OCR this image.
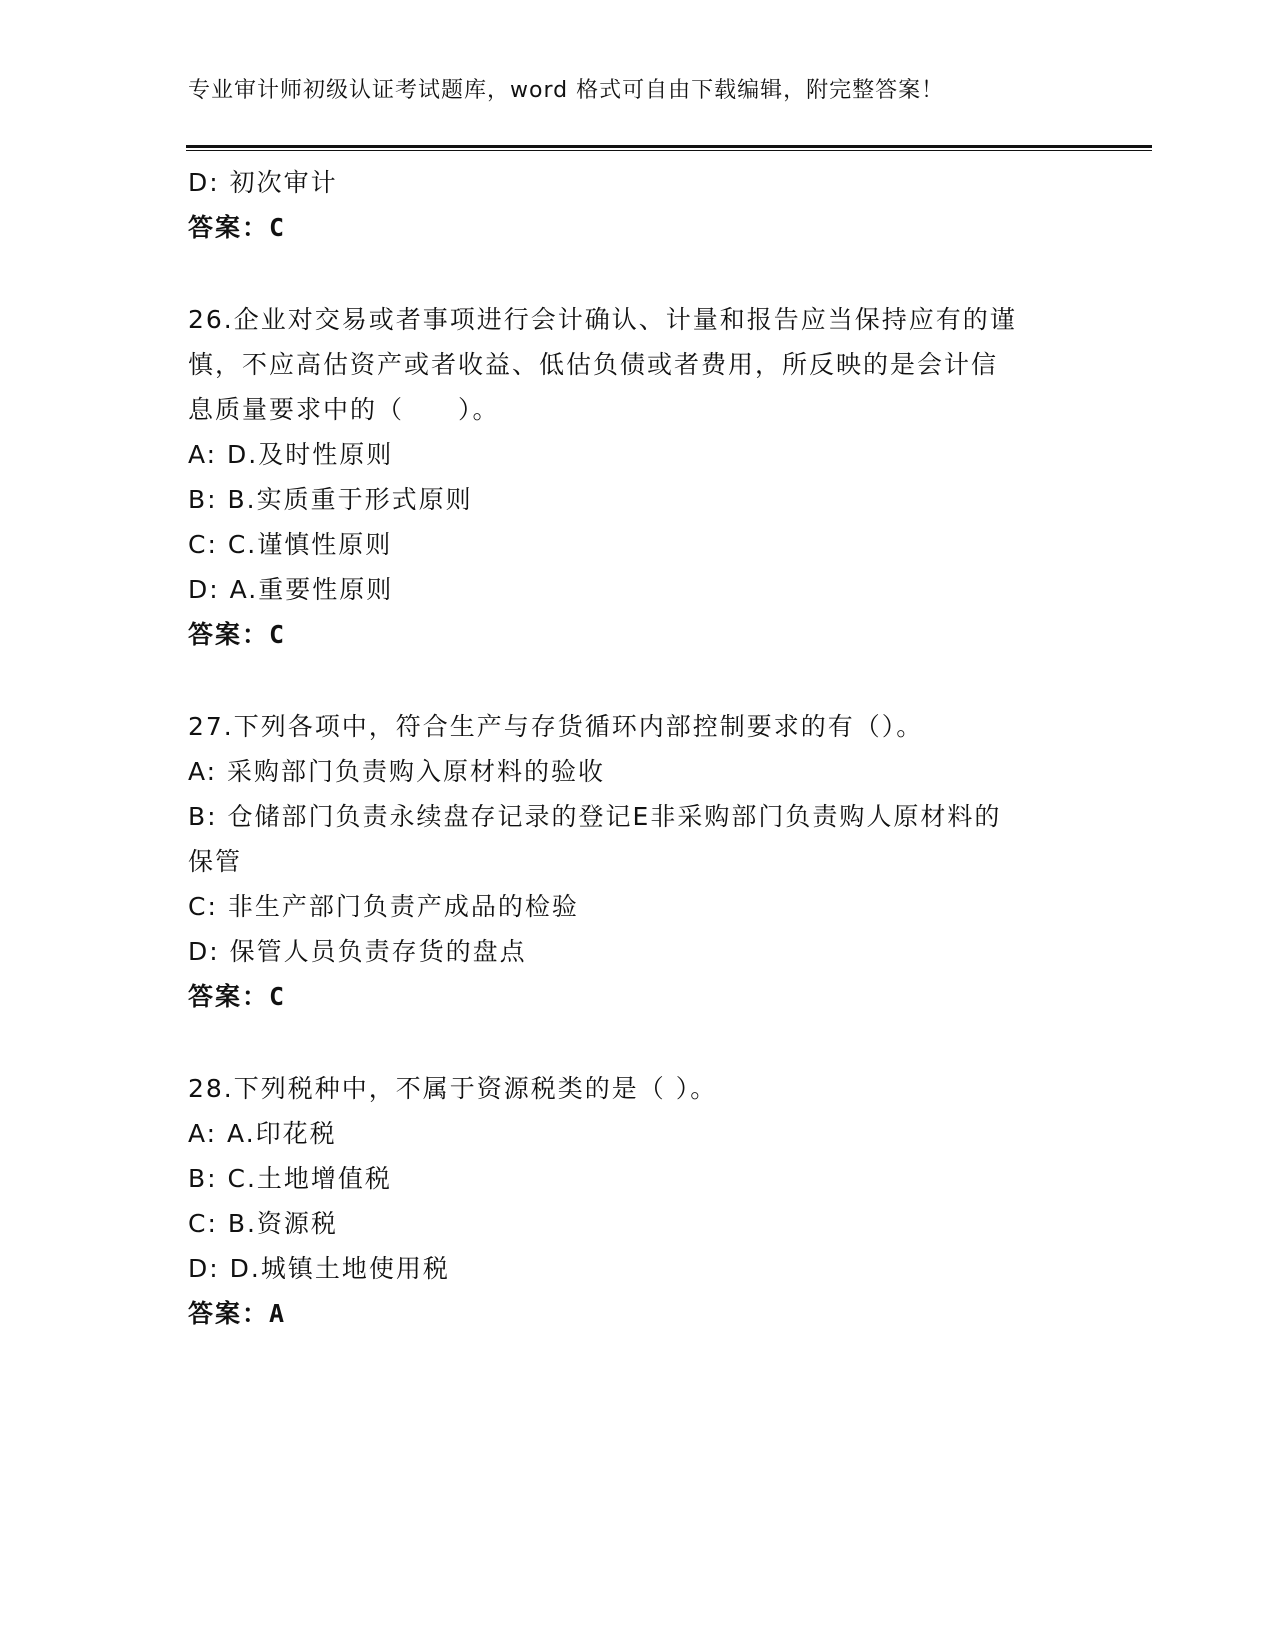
专业审计师初级认证考试题库，word 格式可自由下载编辑，附完整答案！
D: 初次审计
答案：C
26.企业对交易或者事项进行会计确认、计量和报告应当保持应有的谨
慎，不应高估资产或者收益、低估负债或者费用，所反映的是会计信
息质量要求中的（　　）。
A: D.及时性原则
B: B.实质重于形式原则
C: C.谨慎性原则
D: A.重要性原则
答案：C
27.下列各项中，符合生产与存货循环内部控制要求的有（）。
A: 采购部门负责购入原材料的验收
B: 仓储部门负责永续盘存记录的登记E非采购部门负责购人原材料的
保管
C: 非生产部门负责产成品的检验
D: 保管人员负责存货的盘点
答案：C
28.下列税种中，不属于资源税类的是（ ）。
A: A.印花税
B: C.土地增值税
C: B.资源税
D: D.城镇土地使用税
答案：A
